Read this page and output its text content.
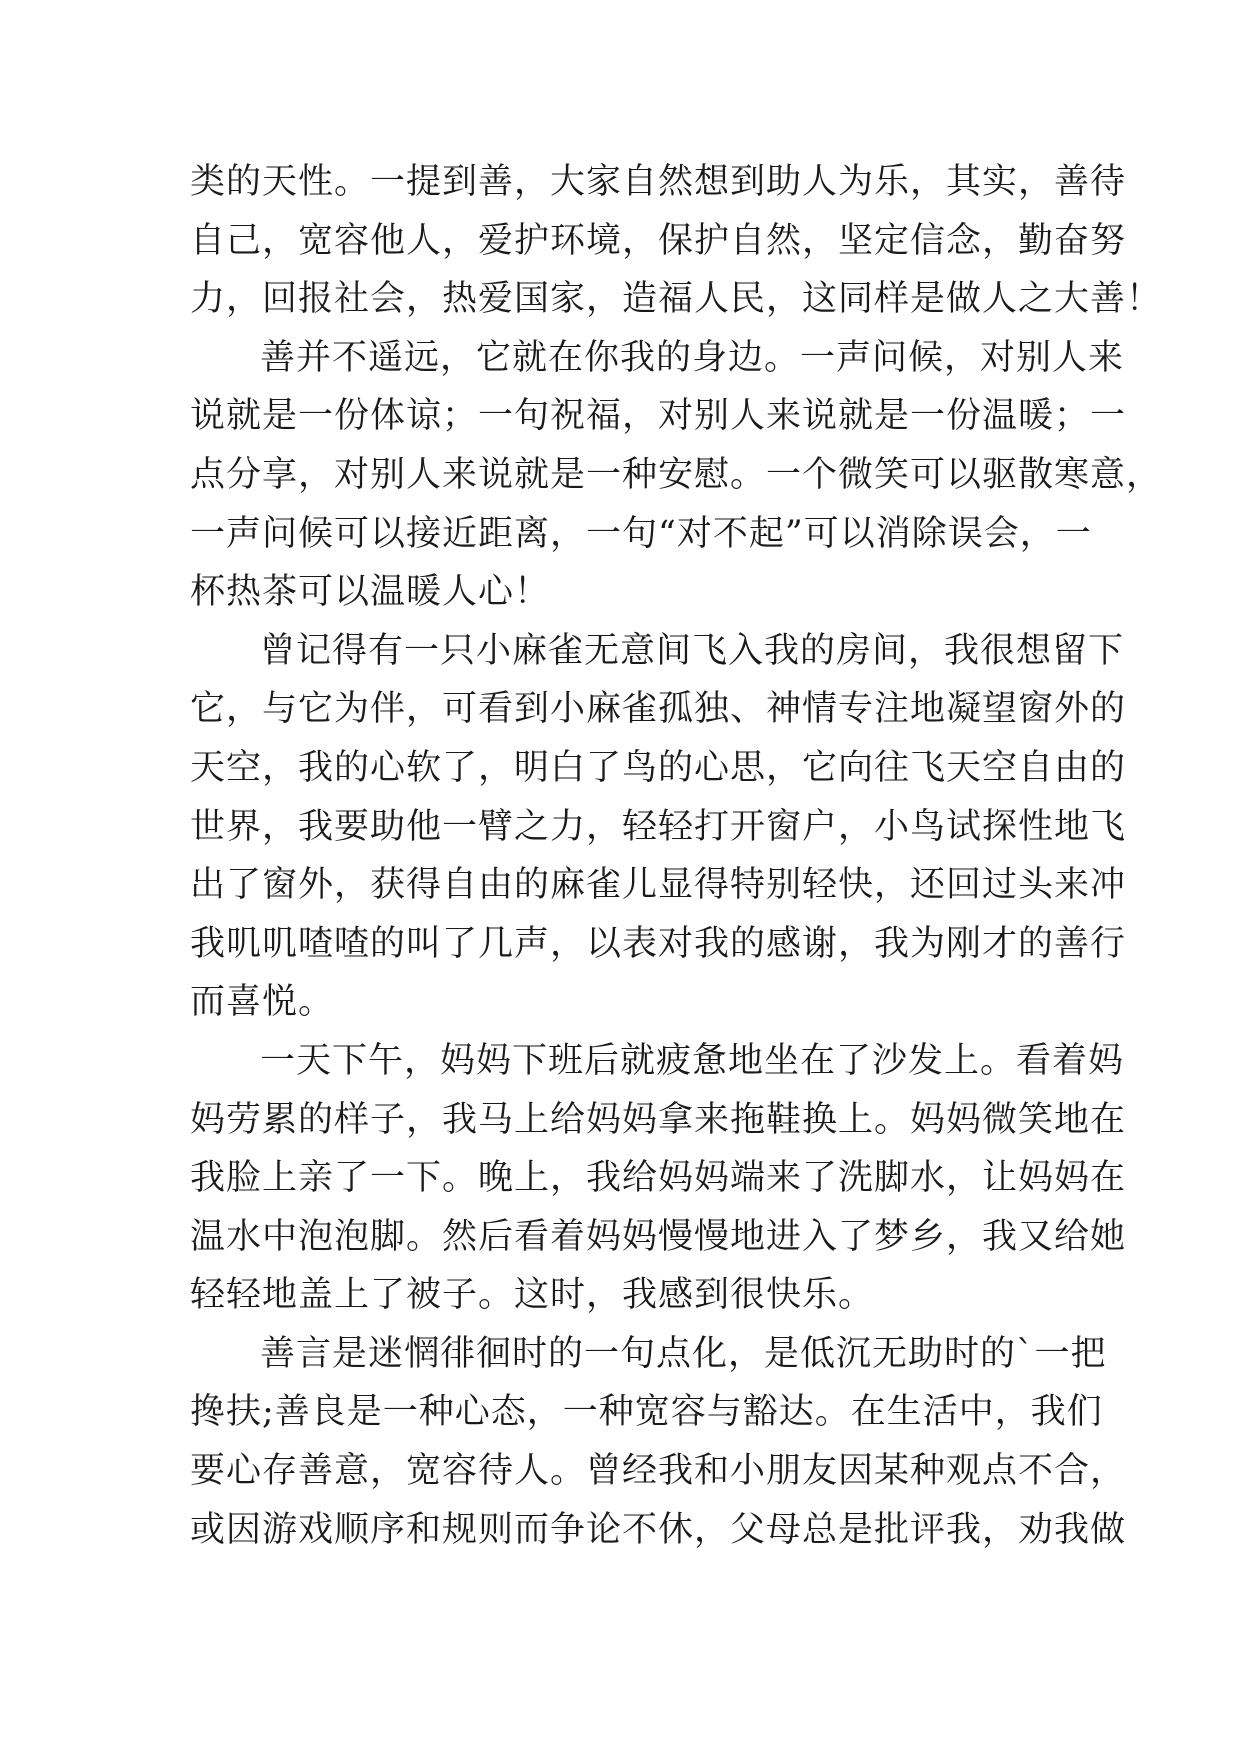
类的天性。一提到善，大家自然想到助人为乐，其实，善待
自己，宽容他人，爱护环境，保护自然，坚定信念，勤奋努
力，回报社会，热爱国家，造福人民，这同样是做人之大善！
善并不遥远，它就在你我的身边。一声问候，对别人来
说就是一份体谅；一句祝福，对别人来说就是一份温暖；一
点分享，对别人来说就是一种安慰。一个微笑可以驱散寒意，
一声问候可以接近距离，一句“对不起”可以消除误会，一
杯热茶可以温暖人心！
曾记得有一只小麻雀无意间飞入我的房间，我很想留下
它，与它为伴，可看到小麻雀孤独、神情专注地凝望窗外的
天空，我的心软了，明白了鸟的心思，它向往飞天空自由的
世界，我要助他一臂之力，轻轻打开窗户，小鸟试探性地飞
出了窗外，获得自由的麻雀儿显得特别轻快，还回过头来冲
我叽叽喳喳的叫了几声，以表对我的感谢，我为刚才的善行
而喜悦。
一天下午，妈妈下班后就疲惫地坐在了沙发上。看着妈
妈劳累的样子，我马上给妈妈拿来拖鞋换上。妈妈微笑地在
我脸上亲了一下。晚上，我给妈妈端来了洗脚水，让妈妈在
温水中泡泡脚。然后看着妈妈慢慢地进入了梦乡，我又给她
轻轻地盖上了被子。这时，我感到很快乐。
善言是迷惘徘徊时的一句点化，是低沉无助时的`一把
搀扶;善良是一种心态，一种宽容与豁达。在生活中，我们
要心存善意，宽容待人。曾经我和小朋友因某种观点不合，
或因游戏顺序和规则而争论不休，父母总是批评我，劝我做
